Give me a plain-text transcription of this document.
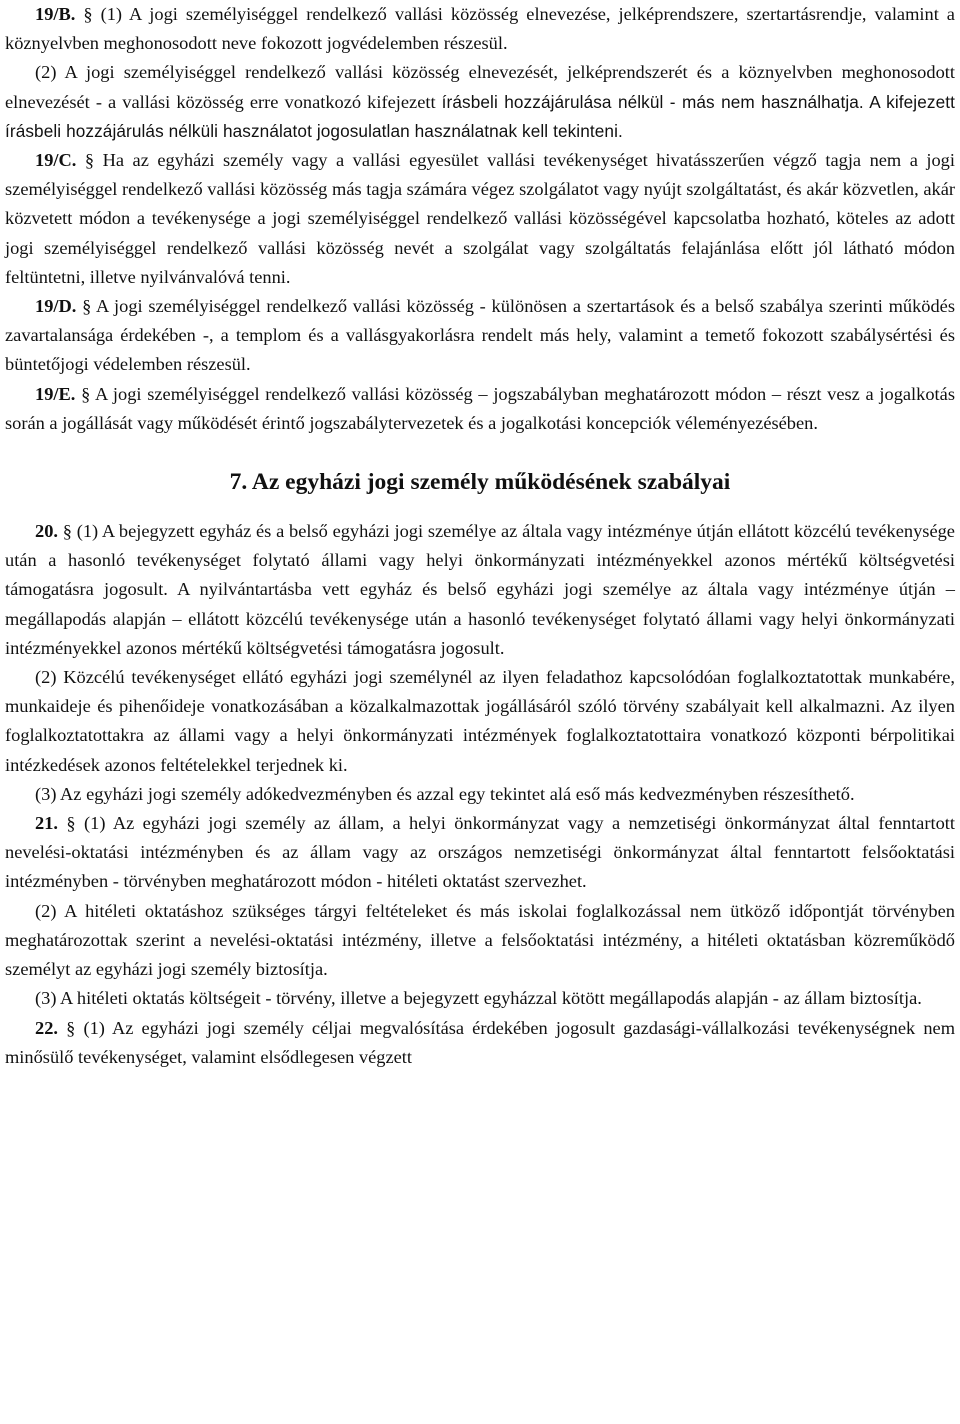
19/B. § (1) A jogi személyiséggel rendelkező vallási közösség elnevezése, jelképrendszere, szertartásrendje, valamint a köznyelvben meghonosodott neve fokozott jogvédelemben részesül.

(2) A jogi személyiséggel rendelkező vallási közösség elnevezését, jelképrendszerét és a köznyelvben meghonosodott elnevezését - a vallási közösség erre vonatkozó kifejezett írásbeli hozzájárulása nélkül - más nem használhatja. A kifejezett írásbeli hozzájárulás nélküli használatot jogosulatlan használatnak kell tekinteni.

19/C. § Ha az egyházi személy vagy a vallási egyesület vallási tevékenységet hivatásszerűen végző tagja nem a jogi személyiséggel rendelkező vallási közösség más tagja számára végez szolgálatot vagy nyújt szolgáltatást, és akár közvetlen, akár közvetett módon a tevékenysége a jogi személyiséggel rendelkező vallási közösségével kapcsolatba hozható, köteles az adott jogi személyiséggel rendelkező vallási közösség nevét a szolgálat vagy szolgáltatás felajánlása előtt jól látható módon feltüntetni, illetve nyilvánvalóvá tenni.

19/D. § A jogi személyiséggel rendelkező vallási közösség - különösen a szertartások és a belső szabálya szerinti működés zavartalansága érdekében -, a templom és a vallásgyakorlásra rendelt más hely, valamint a temető fokozott szabálysértési és büntetőjogi védelemben részesül.

19/E. § A jogi személyiséggel rendelkező vallási közösség – jogszabályban meghatározott módon – részt vesz a jogalkotás során a jogállását vagy működését érintő jogszabálytervezetek és a jogalkotási koncepciók véleményezésében.

7. Az egyházi jogi személy működésének szabályai

20. § (1) A bejegyzett egyház és a belső egyházi jogi személye az általa vagy intézménye útján ellátott közcélú tevékenysége után a hasonló tevékenységet folytató állami vagy helyi önkormányzati intézményekkel azonos mértékű költségvetési támogatásra jogosult. A nyilvántartásba vett egyház és belső egyházi jogi személye az általa vagy intézménye útján – megállapodás alapján – ellátott közcélú tevékenysége után a hasonló tevékenységet folytató állami vagy helyi önkormányzati intézményekkel azonos mértékű költségvetési támogatásra jogosult.

(2) Közcélú tevékenységet ellátó egyházi jogi személynél az ilyen feladathoz kapcsolódóan foglalkoztatottak munkabére, munkaideje és pihenőideje vonatkozásában a közalkalmazottak jogállásáról szóló törvény szabályait kell alkalmazni. Az ilyen foglalkoztatottakra az állami vagy a helyi önkormányzati intézmények foglalkoztatottaira vonatkozó központi bérpolitikai intézkedések azonos feltételekkel terjednek ki.

(3) Az egyházi jogi személy adókedvezményben és azzal egy tekintet alá eső más kedvezményben részesíthető.

21. § (1) Az egyházi jogi személy az állam, a helyi önkormányzat vagy a nemzetiségi önkormányzat által fenntartott nevelési-oktatási intézményben és az állam vagy az országos nemzetiségi önkormányzat által fenntartott felsőoktatási intézményben - törvényben meghatározott módon - hitéleti oktatást szervezhet.

(2) A hitéleti oktatáshoz szükséges tárgyi feltételeket és más iskolai foglalkozással nem ütköző időpontját törvényben meghatározottak szerint a nevelési-oktatási intézmény, illetve a felsőoktatási intézmény, a hitéleti oktatásban közreműködő személyt az egyházi jogi személy biztosítja.

(3) A hitéleti oktatás költségeit - törvény, illetve a bejegyzett egyházzal kötött megállapodás alapján - az állam biztosítja.

22. § (1) Az egyházi jogi személy céljai megvalósítása érdekében jogosult gazdasági-vállalkozási tevékenységnek nem minősülő tevékenységet, valamint elsődlegesen végzett
